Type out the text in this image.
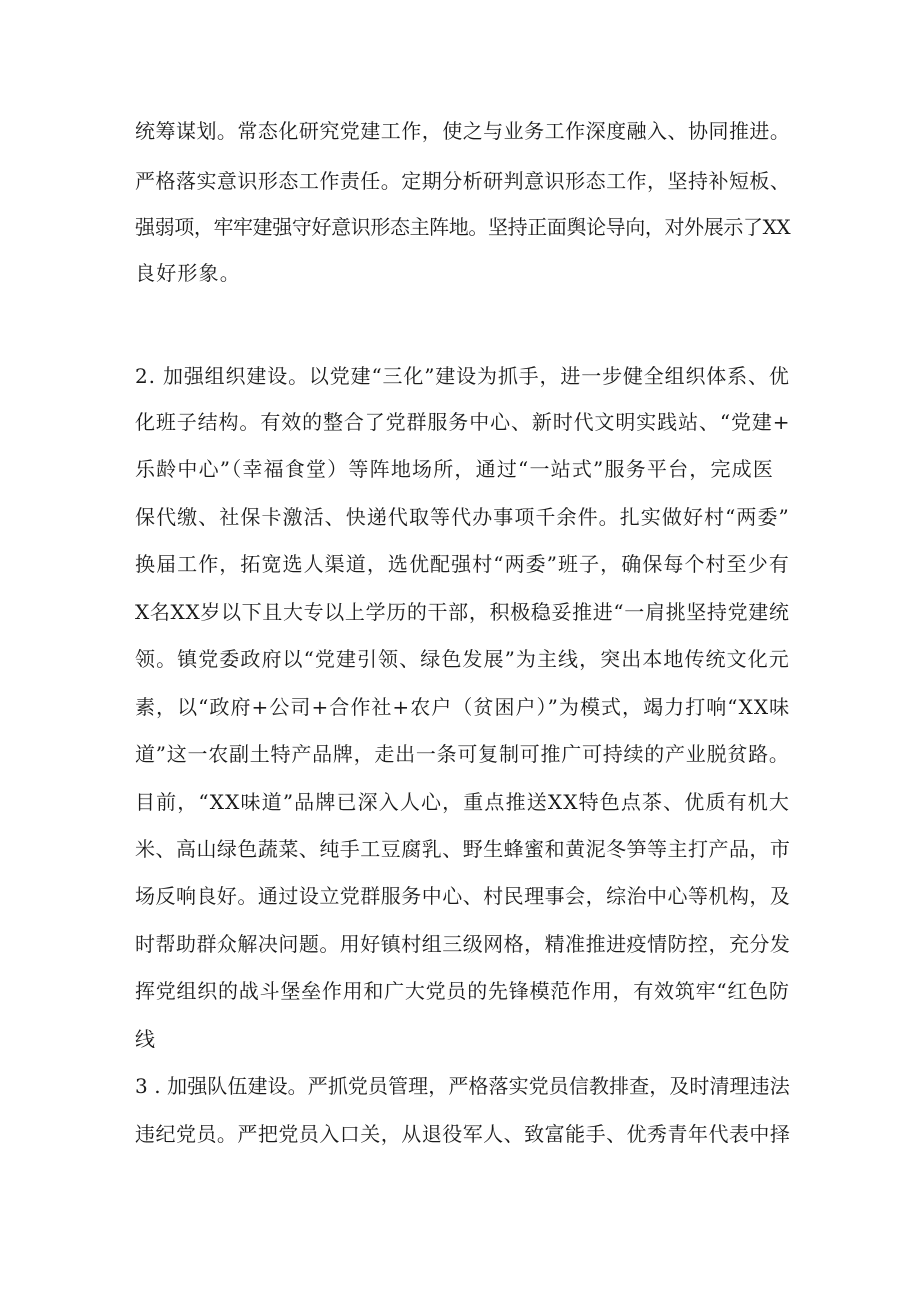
统筹谋划。常态化研究党建工作，使之与业务工作深度融入、协同推进。
严格落实意识形态工作责任。定期分析研判意识形态工作，坚持补短板、
强弱项，牢牢建强守好意识形态主阵地。坚持正面舆论导向，对外展示了XX
良好形象。
2. 加强组织建设。以党建“三化”建设为抓手，进一步健全组织体系、优
化班子结构。有效的整合了党群服务中心、新时代文明实践站、“党建+
乐龄中心”（幸福食堂）等阵地场所，通过“一站式”服务平台，完成医
保代缴、社保卡激活、快递代取等代办事项千余件。扎实做好村“两委”
换届工作，拓宽选人渠道，选优配强村“两委”班子，确保每个村至少有
X名XX岁以下且大专以上学历的干部，积极稳妥推进“一肩挑坚持党建统
领。镇党委政府以“党建引领、绿色发展”为主线，突出本地传统文化元
素，以“政府+公司+合作社+农户（贫困户）”为模式，竭力打响“XX味
道”这一农副土特产品牌，走出一条可复制可推广可持续的产业脱贫路。
目前，“XX味道”品牌已深入人心，重点推送XX特色点茶、优质有机大
米、高山绿色蔬菜、纯手工豆腐乳、野生蜂蜜和黄泥冬笋等主打产品，市
场反响良好。通过设立党群服务中心、村民理事会，综治中心等机构，及
时帮助群众解决问题。用好镇村组三级网格，精准推进疫情防控，充分发
挥党组织的战斗堡垒作用和广大党员的先锋模范作用，有效筑牢“红色防
线
3 . 加强队伍建设。严抓党员管理，严格落实党员信教排查，及时清理违法
违纪党员。严把党员入口关，从退役军人、致富能手、优秀青年代表中择
